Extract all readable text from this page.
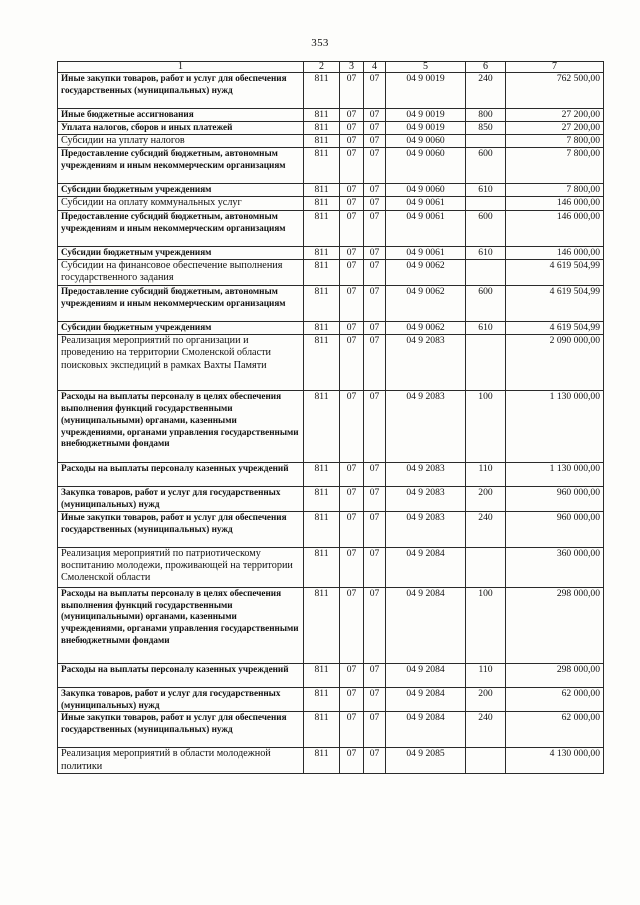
353
1	2	3	4	5	6	7
Иные закупки товаров, работ и услуг для обеспечения государственных (муниципальных) нужд	811	07	07	04 9 0019	240	762 500,00
Иные бюджетные ассигнования	811	07	07	04 9 0019	800	27 200,00
Уплата налогов, сборов и иных платежей	811	07	07	04 9 0019	850	27 200,00
Субсидии на уплату налогов	811	07	07	04 9 0060		7 800,00
Предоставление субсидий бюджетным, автономным учреждениям и иным некоммерческим организациям	811	07	07	04 9 0060	600	7 800,00
Субсидии бюджетным учреждениям	811	07	07	04 9 0060	610	7 800,00
Субсидии на оплату коммунальных услуг	811	07	07	04 9 0061		146 000,00
Предоставление субсидий бюджетным, автономным учреждениям и иным некоммерческим организациям	811	07	07	04 9 0061	600	146 000,00
Субсидии бюджетным учреждениям	811	07	07	04 9 0061	610	146 000,00
Субсидии на финансовое обеспечение выполнения государственного задания	811	07	07	04 9 0062		4 619 504,99
Предоставление субсидий бюджетным, автономным учреждениям и иным некоммерческим организациям	811	07	07	04 9 0062	600	4 619 504,99
Субсидии бюджетным учреждениям	811	07	07	04 9 0062	610	4 619 504,99
Реализация мероприятий по организации и проведению на территории Смоленской области поисковых экспедиций в рамках Вахты Памяти	811	07	07	04 9 2083		2 090 000,00
Расходы на выплаты персоналу в целях обеспечения выполнения функций государственными (муниципальными) органами, казенными учреждениями, органами управления государственными внебюджетными фондами	811	07	07	04 9 2083	100	1 130 000,00
Расходы на выплаты персоналу казенных учреждений	811	07	07	04 9 2083	110	1 130 000,00
Закупка товаров, работ и услуг для государственных (муниципальных) нужд	811	07	07	04 9 2083	200	960 000,00
Иные закупки товаров, работ и услуг для обеспечения государственных (муниципальных) нужд	811	07	07	04 9 2083	240	960 000,00
Реализация мероприятий по патриотическому воспитанию молодежи, проживающей на территории Смоленской области	811	07	07	04 9 2084		360 000,00
Расходы на выплаты персоналу в целях обеспечения выполнения функций государственными (муниципальными) органами, казенными учреждениями, органами управления государственными внебюджетными фондами	811	07	07	04 9 2084	100	298 000,00
Расходы на выплаты персоналу казенных учреждений	811	07	07	04 9 2084	110	298 000,00
Закупка товаров, работ и услуг для государственных (муниципальных) нужд	811	07	07	04 9 2084	200	62 000,00
Иные закупки товаров, работ и услуг для обеспечения государственных (муниципальных) нужд	811	07	07	04 9 2084	240	62 000,00
Реализация мероприятий в области молодежной политики	811	07	07	04 9 2085		4 130 000,00
